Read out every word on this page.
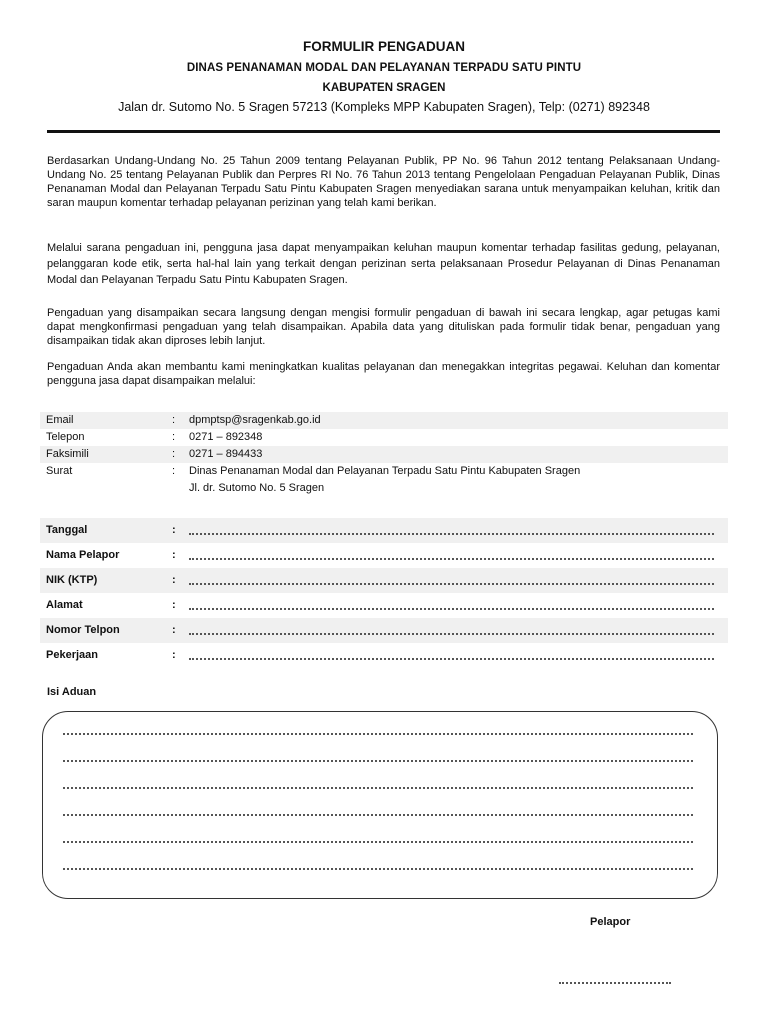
FORMULIR PENGADUAN
DINAS PENANAMAN MODAL DAN PELAYANAN TERPADU SATU PINTU
KABUPATEN SRAGEN
Jalan dr. Sutomo No. 5 Sragen 57213 (Kompleks MPP Kabupaten Sragen), Telp: (0271) 892348

Berdasarkan Undang-Undang No. 25 Tahun 2009 tentang Pelayanan Publik, PP No. 96 Tahun 2012 tentang Pelaksanaan Undang-Undang No. 25 tentang Pelayanan Publik dan Perpres RI No. 76 Tahun 2013 tentang Pengelolaan Pengaduan Pelayanan Publik, Dinas Penanaman Modal dan Pelayanan Terpadu Satu Pintu Kabupaten Sragen menyediakan sarana untuk menyampaikan keluhan, kritik dan saran maupun komentar terhadap pelayanan perizinan yang telah kami berikan.

Melalui sarana pengaduan ini, pengguna jasa dapat menyampaikan keluhan maupun komentar terhadap fasilitas gedung, pelayanan, pelanggaran kode etik, serta hal-hal lain yang terkait dengan perizinan serta pelaksanaan Prosedur Pelayanan di Dinas Penanaman Modal dan Pelayanan Terpadu Satu Pintu Kabupaten Sragen.

Pengaduan yang disampaikan secara langsung dengan mengisi formulir pengaduan di bawah ini secara lengkap, agar petugas kami dapat mengkonfirmasi pengaduan yang telah disampaikan. Apabila data yang dituliskan pada formulir tidak benar, pengaduan yang disampaikan tidak akan diproses lebih lanjut.

Pengaduan Anda akan membantu kami meningkatkan kualitas pelayanan dan menegakkan integritas pegawai. Keluhan dan komentar pengguna jasa dapat disampaikan melalui:

Email	: dpmptsp@sragenkab.go.id
Telepon	: 0271 – 892348
Faksimili	: 0271 – 894433
Surat	: Dinas Penanaman Modal dan Pelayanan Terpadu Satu Pintu Kabupaten Sragen
Jl. dr. Sutomo No. 5 Sragen
Tanggal	:
Nama Pelapor	:
NIK (KTP)	:
Alamat	:
Nomor Telpon	:
Pekerjaan	:
Isi Aduan
Pelapor
